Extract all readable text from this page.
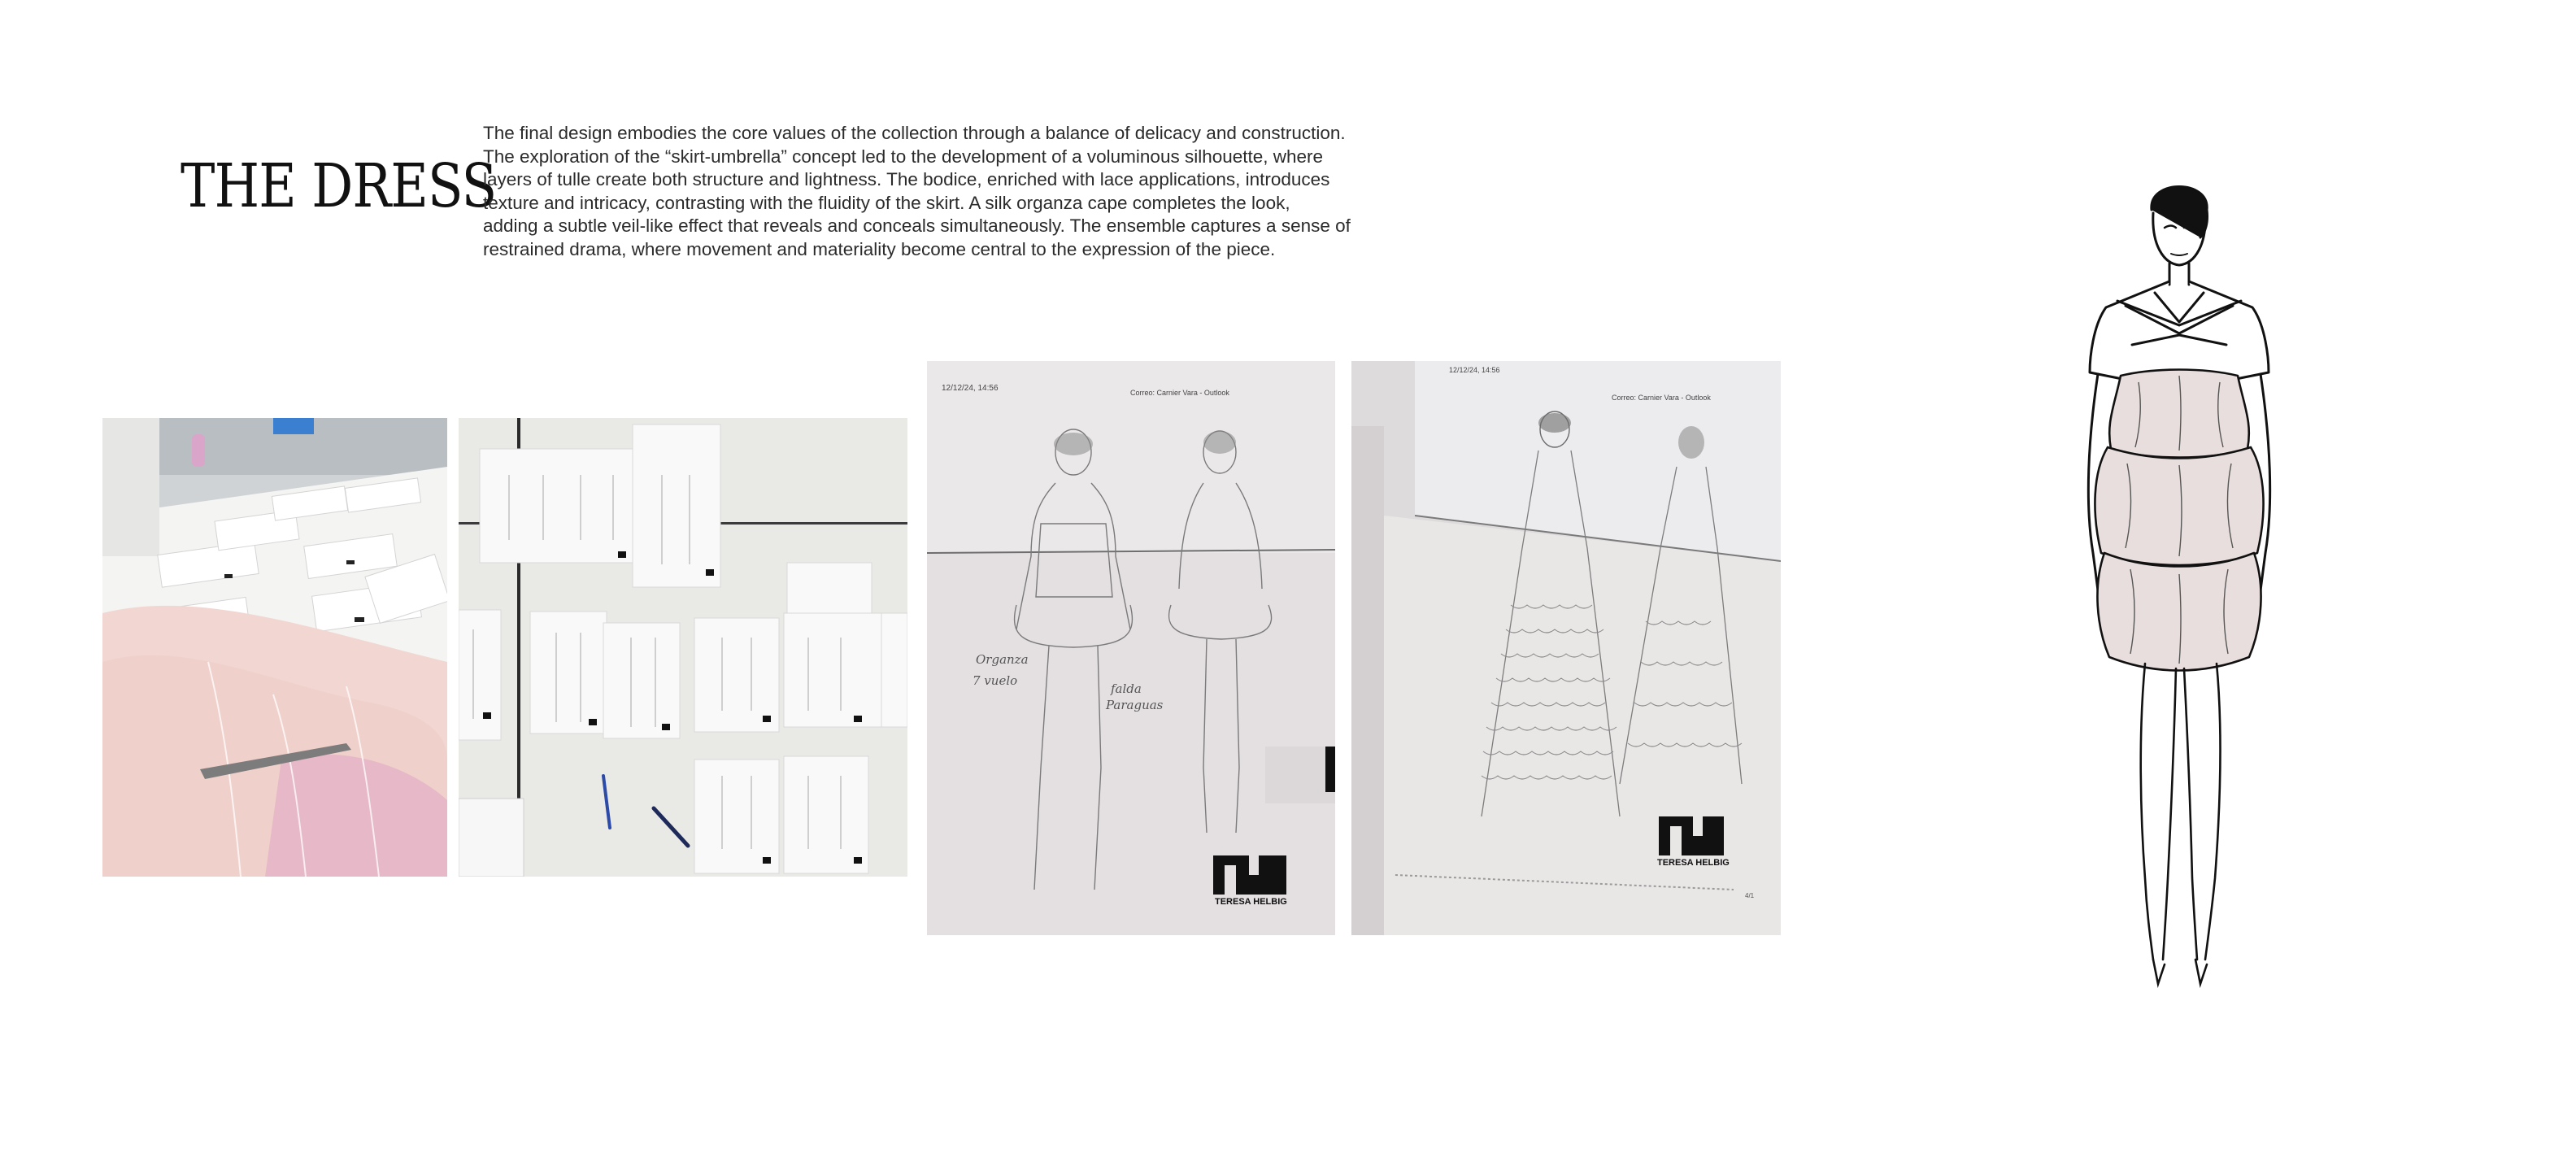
THE DRESS
The final design embodies the core values of the collection through a balance of delicacy and construction.
The exploration of the “skirt-umbrella” concept led to the development of a voluminous silhouette, where
layers of tulle create both structure and lightness. The bodice, enriched with lace applications, introduces
texture and intricacy, contrasting with the fluidity of the skirt. A silk organza cape completes the look,
adding a subtle veil-like effect that reveals and conceals simultaneously. The ensemble captures a sense of
restrained drama, where movement and materiality become central to the expression of the piece.
12/12/24, 14:56	Correo: Carnier Vara - Outlook
Organza
7 vuelo
falda
Paraguas
TERESA HELBIG
12/12/24, 14:56
Correo: Carnier Vara - Outlook
TERESA HELBIG
4/1
